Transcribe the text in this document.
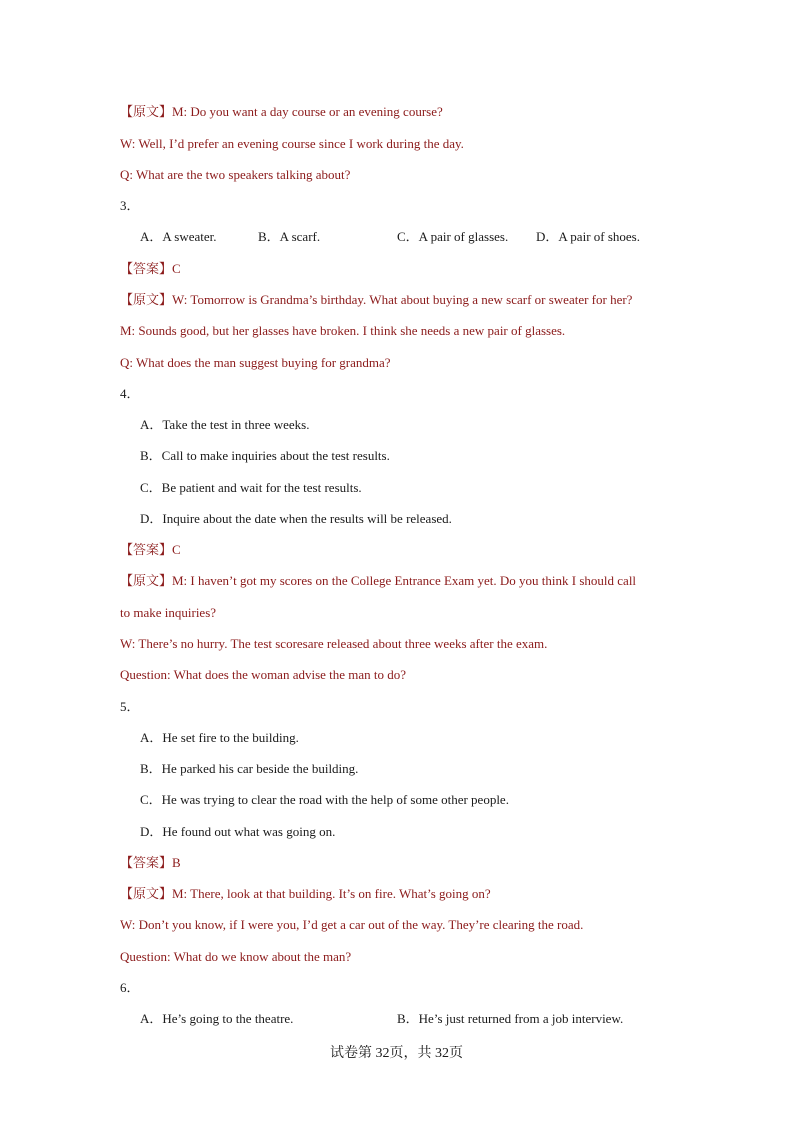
【原文】M: Do you want a day course or an evening course?
W: Well, I’d prefer an evening course since I work during the day.
Q: What are the two speakers talking about?
3．
A．A sweater.	B．A scarf.	C．A pair of glasses. D．A pair of shoes.
【答案】C
【原文】W: Tomorrow is Grandma’s birthday. What about buying a new scarf or sweater for her?
M: Sounds good, but her glasses have broken. I think she needs a new pair of glasses.
Q: What does the man suggest buying for grandma?
4．
A．Take the test in three weeks.
B．Call to make inquiries about the test results.
C．Be patient and wait for the test results.
D．Inquire about the date when the results will be released.
【答案】C
【原文】M: I haven’t got my scores on the College Entrance Exam yet. Do you think I should call
to make inquiries?
W: There’s no hurry. The test scoresare released about three weeks after the exam.
Question: What does the woman advise the man to do?
5．
A．He set fire to the building.
B．He parked his car beside the building.
C．He was trying to clear the road with the help of some other people.
D．He found out what was going on.
【答案】B
【原文】M: There, look at that building. It’s on fire. What’s going on?
W: Don’t you know, if I were you, I’d get a car out of the way. They’re clearing the road.
Question: What do we know about the man?
6．
A．He’s going to the theatre.	B．He’s just returned from a job interview.
试卷第 32页，共 32页
